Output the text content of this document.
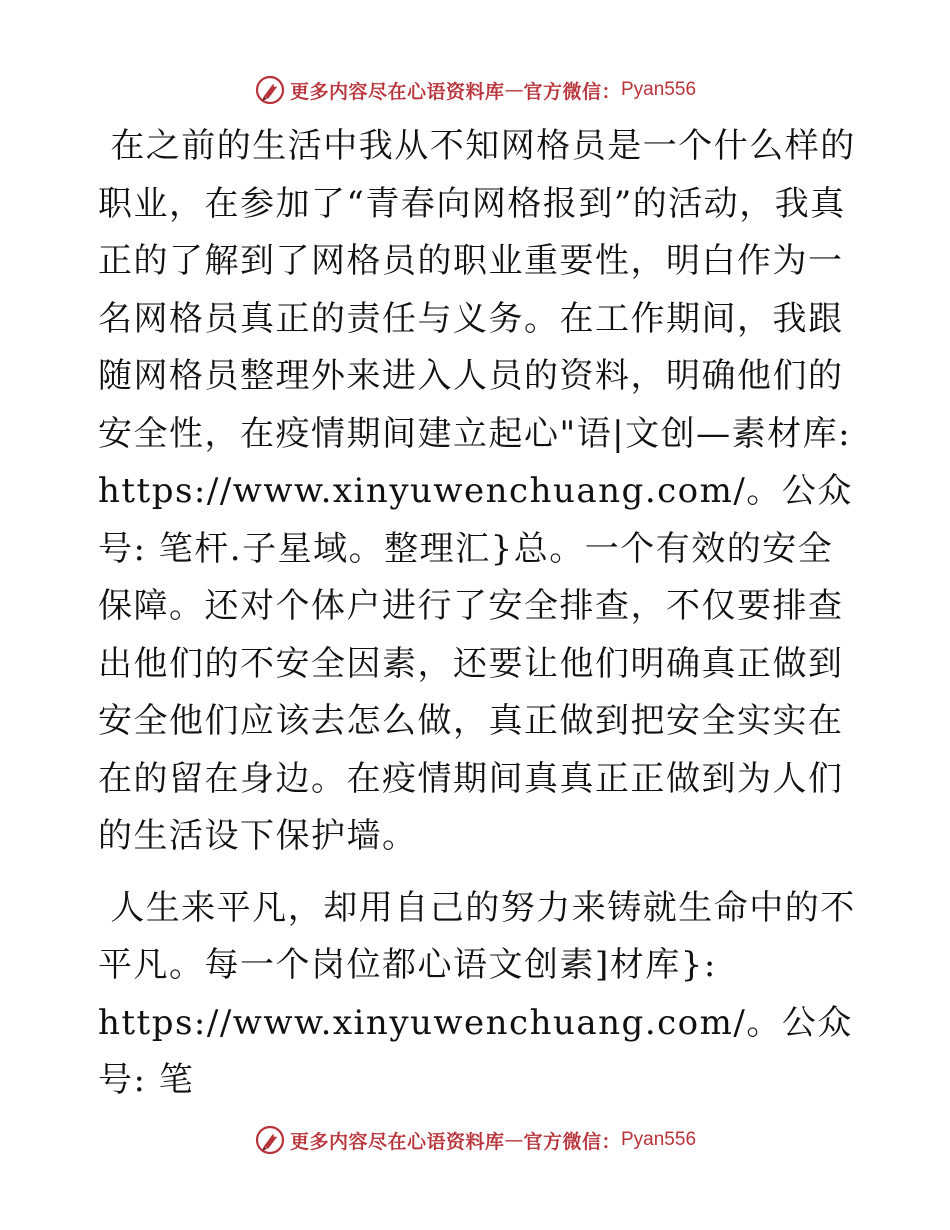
更多内容尽在心语资料库 — 官方微信： Pyan556

在之前的生活中我从不知网格员是一个什么样的职业，在参加了“青春向网格报到”的活动，我真正的了解到了网格员的职业重要性，明白作为一名网格员真正的责任与义务。在工作期间，我跟随网格员整理外来进入人员的资料，明确他们的安全性，在疫情期间建立起心"语|文创—素材库:
https://www.xinyuwenchuang.com/。公众号: 笔杆.子星域。整理汇}总。一个有效的安全保障。还对个体户进行了安全排查，不仅要排查出他们的不安全因素，还要让他们明确真正做到安全他们应该去怎么做，真正做到把安全实实在在的留在身边。在疫情期间真真正正做到为人们的生活设下保护墙。

人生来平凡，却用自己的努力来铸就生命中的不平凡。每一个岗位都心语文创素]材库}:
https://www.xinyuwenchuang.com/。公众号: 笔

更多内容尽在心语资料库 — 官方微信： Pyan556
